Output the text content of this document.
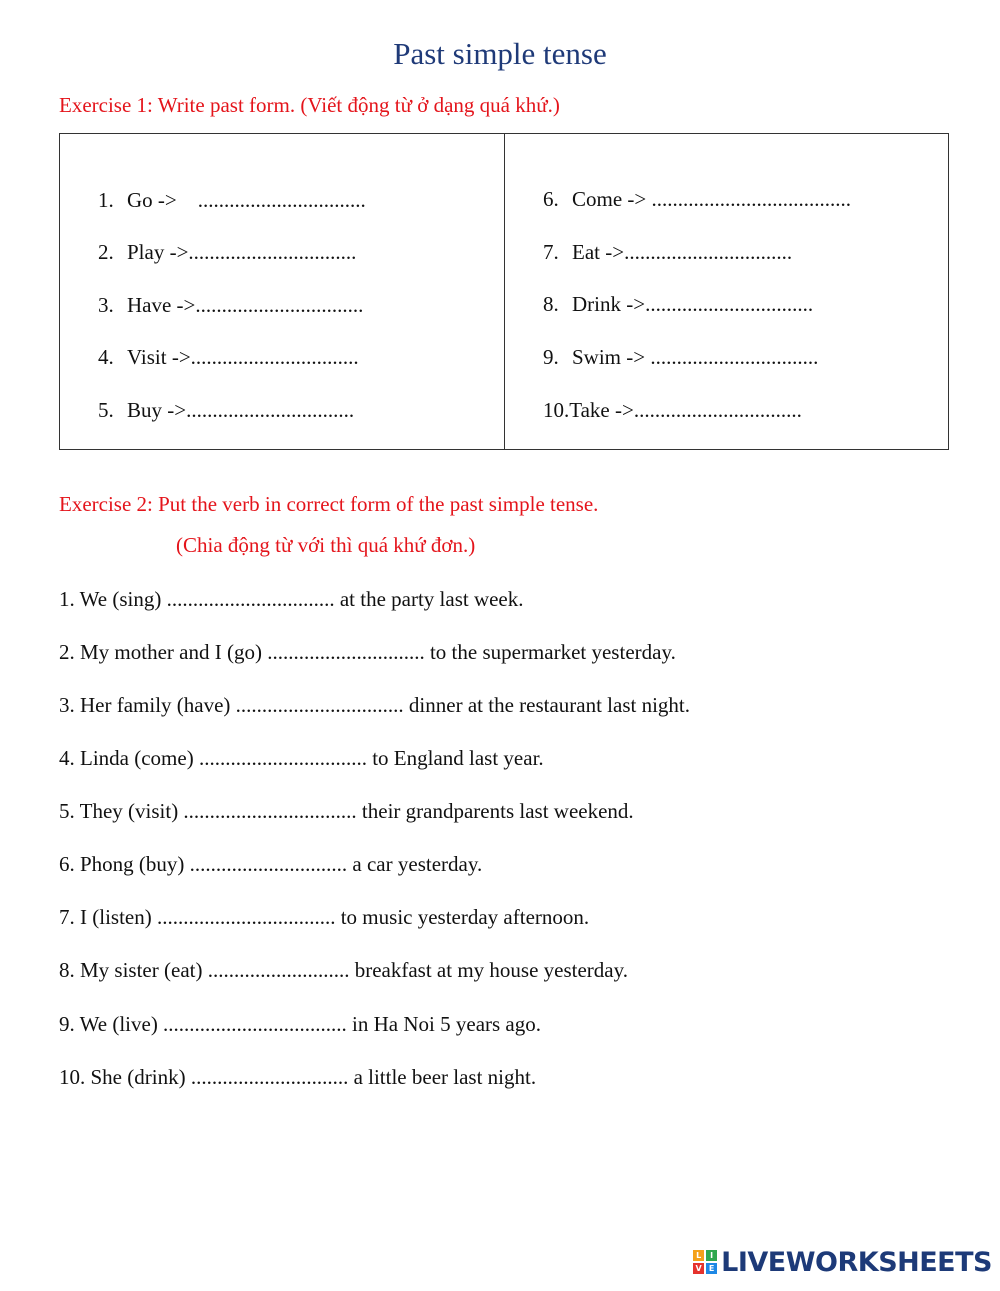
Past simple tense
Exercise 1: Write past form. (Viết động từ ở dạng quá khứ.)
1. Go ->    ................................
2. Play ->................................
3. Have ->................................
4. Visit ->................................
5. Buy ->................................
6. Come -> ......................................
7. Eat ->................................
8. Drink ->................................
9. Swim -> ................................
10.Take ->................................
Exercise 2: Put the verb in correct form of the past simple tense.
(Chia động từ với thì quá khứ đơn.)
1. We (sing) ................................ at the party last week.
2. My mother and I (go) .............................. to the supermarket yesterday.
3. Her family (have) ................................ dinner at the restaurant last night.
4. Linda (come) ................................ to England last year.
5. They (visit) ................................. their grandparents last weekend.
6. Phong (buy) .............................. a car yesterday.
7. I (listen) .................................. to music yesterday afternoon.
8. My sister (eat) ........................... breakfast at my house yesterday.
9. We (live) ................................... in Ha Noi 5 years ago.
10. She (drink) .............................. a little beer last night.
L	I
V E LIVEWORKSHEETS
